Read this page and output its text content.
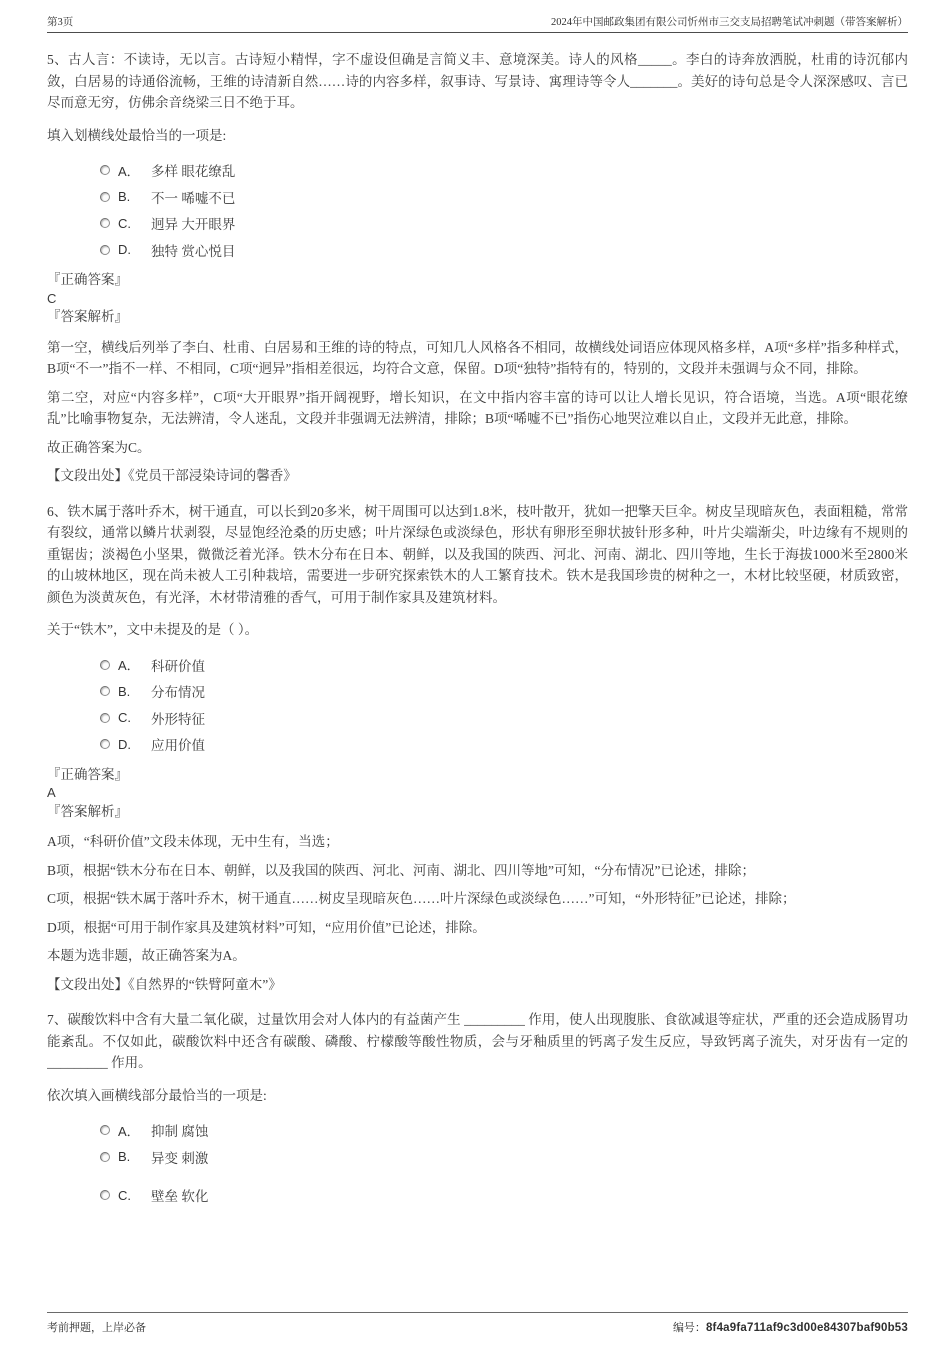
第3页	2024年中国邮政集团有限公司忻州市三交支局招聘笔试冲刺题（带答案解析）

5、古人言：不读诗，无以言。古诗短小精悍，字不虚设但确是言简义丰、意境深美。诗人的风格_____。李白的诗奔放洒脱，杜甫的诗沉郁内敛，白居易的诗通俗流畅，王维的诗清新自然……诗的内容多样，叙事诗、写景诗、寓理诗等令人_______。美好的诗句总是令人深深感叹、言已尽而意无穷，仿佛余音绕梁三日不绝于耳。

填入划横线处最恰当的一项是:

A． 多样 眼花缭乱
B.	不一 唏嘘不已
C.	迥异 大开眼界
D.	独特 赏心悦目

『正确答案』

C

『答案解析』

第一空，横线后列举了李白、杜甫、白居易和王维的诗的特点，可知几人风格各不相同，故横线处词语应体现风格多样，A项“多样”指多种样式，B项“不一”指不一样、不相同，C项“迥异”指相差很远，均符合文意，保留。D项“独特”指特有的，特别的，文段并未强调与众不同，排除。

第二空，对应“内容多样”，C项“大开眼界”指开阔视野，增长知识，在文中指内容丰富的诗可以让人增长见识，符合语境，当选。A项“眼花缭乱”比喻事物复杂，无法辨清，令人迷乱，文段并非强调无法辨清，排除；B项“唏嘘不已”指伤心地哭泣难以自止，文段并无此意，排除。

故正确答案为C。

【文段出处】《党员干部浸染诗词的馨香》

6、铁木属于落叶乔木，树干通直，可以长到20多米，树干周围可以达到1.8米，枝叶散开，犹如一把擎天巨伞。树皮呈现暗灰色，表面粗糙，常常有裂纹，通常以鳞片状剥裂，尽显饱经沧桑的历史感；叶片深绿色或淡绿色，形状有卵形至卵状披针形多种，叶片尖端渐尖，叶边缘有不规则的重锯齿；淡褐色小坚果，微微泛着光泽。铁木分布在日本、朝鲜，以及我国的陕西、河北、河南、湖北、四川等地，生长于海拔1000米至2800米的山坡林地区，现在尚未被人工引种栽培，需要进一步研究探索铁木的人工繁育技术。铁木是我国珍贵的树种之一，木材比较坚硬，材质致密，颜色为淡黄灰色，有光泽，木材带清雅的香气，可用于制作家具及建筑材料。

关于“铁木”，文中未提及的是（ ）。

A． 科研价值
B.	分布情况
C.	外形特征
D.	应用价值

『正确答案』

A

『答案解析』

A项，“科研价值”文段未体现，无中生有，当选；

B项，根据“铁木分布在日本、朝鲜，以及我国的陕西、河北、河南、湖北、四川等地”可知，“分布情况”已论述，排除；

C项，根据“铁木属于落叶乔木，树干通直……树皮呈现暗灰色……叶片深绿色或淡绿色……”可知，“外形特征”已论述，排除；

D项，根据“可用于制作家具及建筑材料”可知，“应用价值”已论述，排除。

本题为选非题，故正确答案为A。

【文段出处】《自然界的“铁臂阿童木”》

7、碳酸饮料中含有大量二氧化碳，过量饮用会对人体内的有益菌产生 _________ 作用，使人出现腹胀、食欲减退等症状，严重的还会造成肠胃功能紊乱。不仅如此，碳酸饮料中还含有碳酸、磷酸、柠檬酸等酸性物质，会与牙釉质里的钙离子发生反应，导致钙离子流失，对牙齿有一定的 _________ 作用。

依次填入画横线部分最恰当的一项是:

A． 抑制 腐蚀
B.	异变 刺激
C.	壁垒 软化
考前押题，上岸必备	编号：8f4a9fa711af9c3d00e84307baf90b53
